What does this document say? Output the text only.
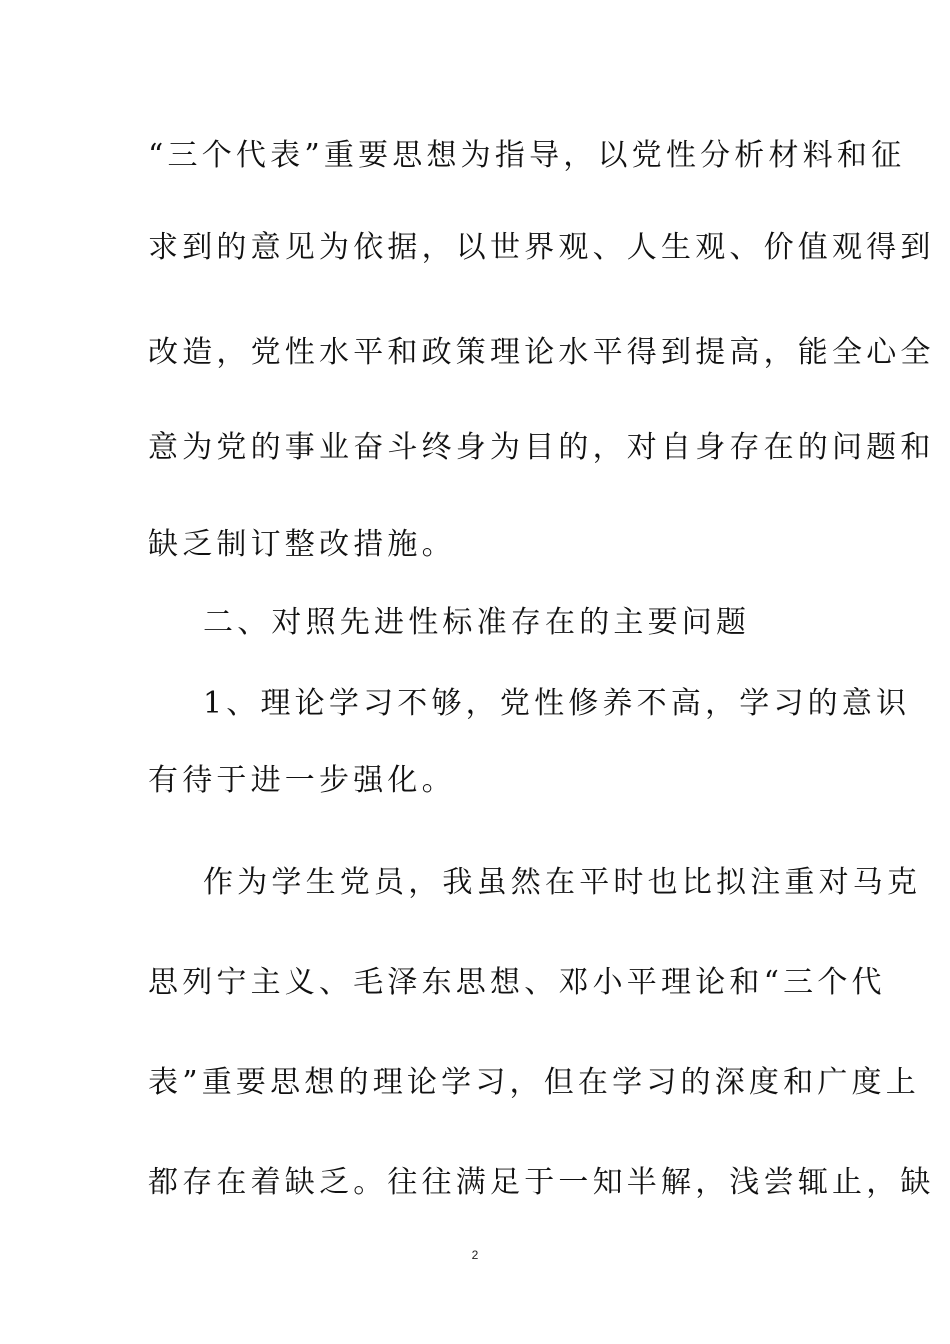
“三个代表”重要思想为指导，以党性分析材料和征
求到的意见为依据，以世界观、人生观、价值观得到
改造，党性水平和政策理论水平得到提高，能全心全
意为党的事业奋斗终身为目的，对自身存在的问题和
缺乏制订整改措施。
二、对照先进性标准存在的主要问题
1、理论学习不够，党性修养不高，学习的意识
有待于进一步强化。
作为学生党员，我虽然在平时也比拟注重对马克
思列宁主义、毛泽东思想、邓小平理论和“三个代
表”重要思想的理论学习，但在学习的深度和广度上
都存在着缺乏。往往满足于一知半解，浅尝辄止，缺
2
